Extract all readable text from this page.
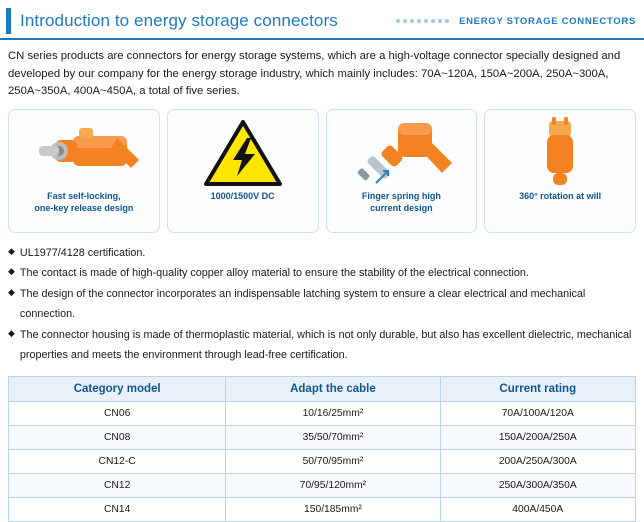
Introduction to energy storage connectors	ENERGY STORAGE CONNECTORS
CN series products are connectors for energy storage systems, which are a high-voltage connector specially designed and developed by our company for the energy storage industry, which mainly includes: 70A~120A, 150A~200A, 250A~300A, 250A~350A, 400A~450A, a total of five series.
Fast self-locking,
one-key release design
1000/1500V DC	Finger spring high
current design
360° rotation at will
◆ UL1977/4128 certification.
◆ The contact is made of high-quality copper alloy material to ensure the stability of the electrical connection.
◆ The design of the connector incorporates an indispensable latching system to ensure a clear electrical and mechanical connection.
◆ The connector housing is made of thermoplastic material, which is not only durable, but also has excellent dielectric, mechanical properties and meets the environment through lead-free certification.
Category model	Adapt the cable	Current rating
CN06	10/16/25mm²	70A/100A/120A
CN08	35/50/70mm²	150A/200A/250A
CN12-C	50/70/95mm²	200A/250A/300A
CN12	70/95/120mm²	250A/300A/350A
CN14	150/185mm²	400A/450A
